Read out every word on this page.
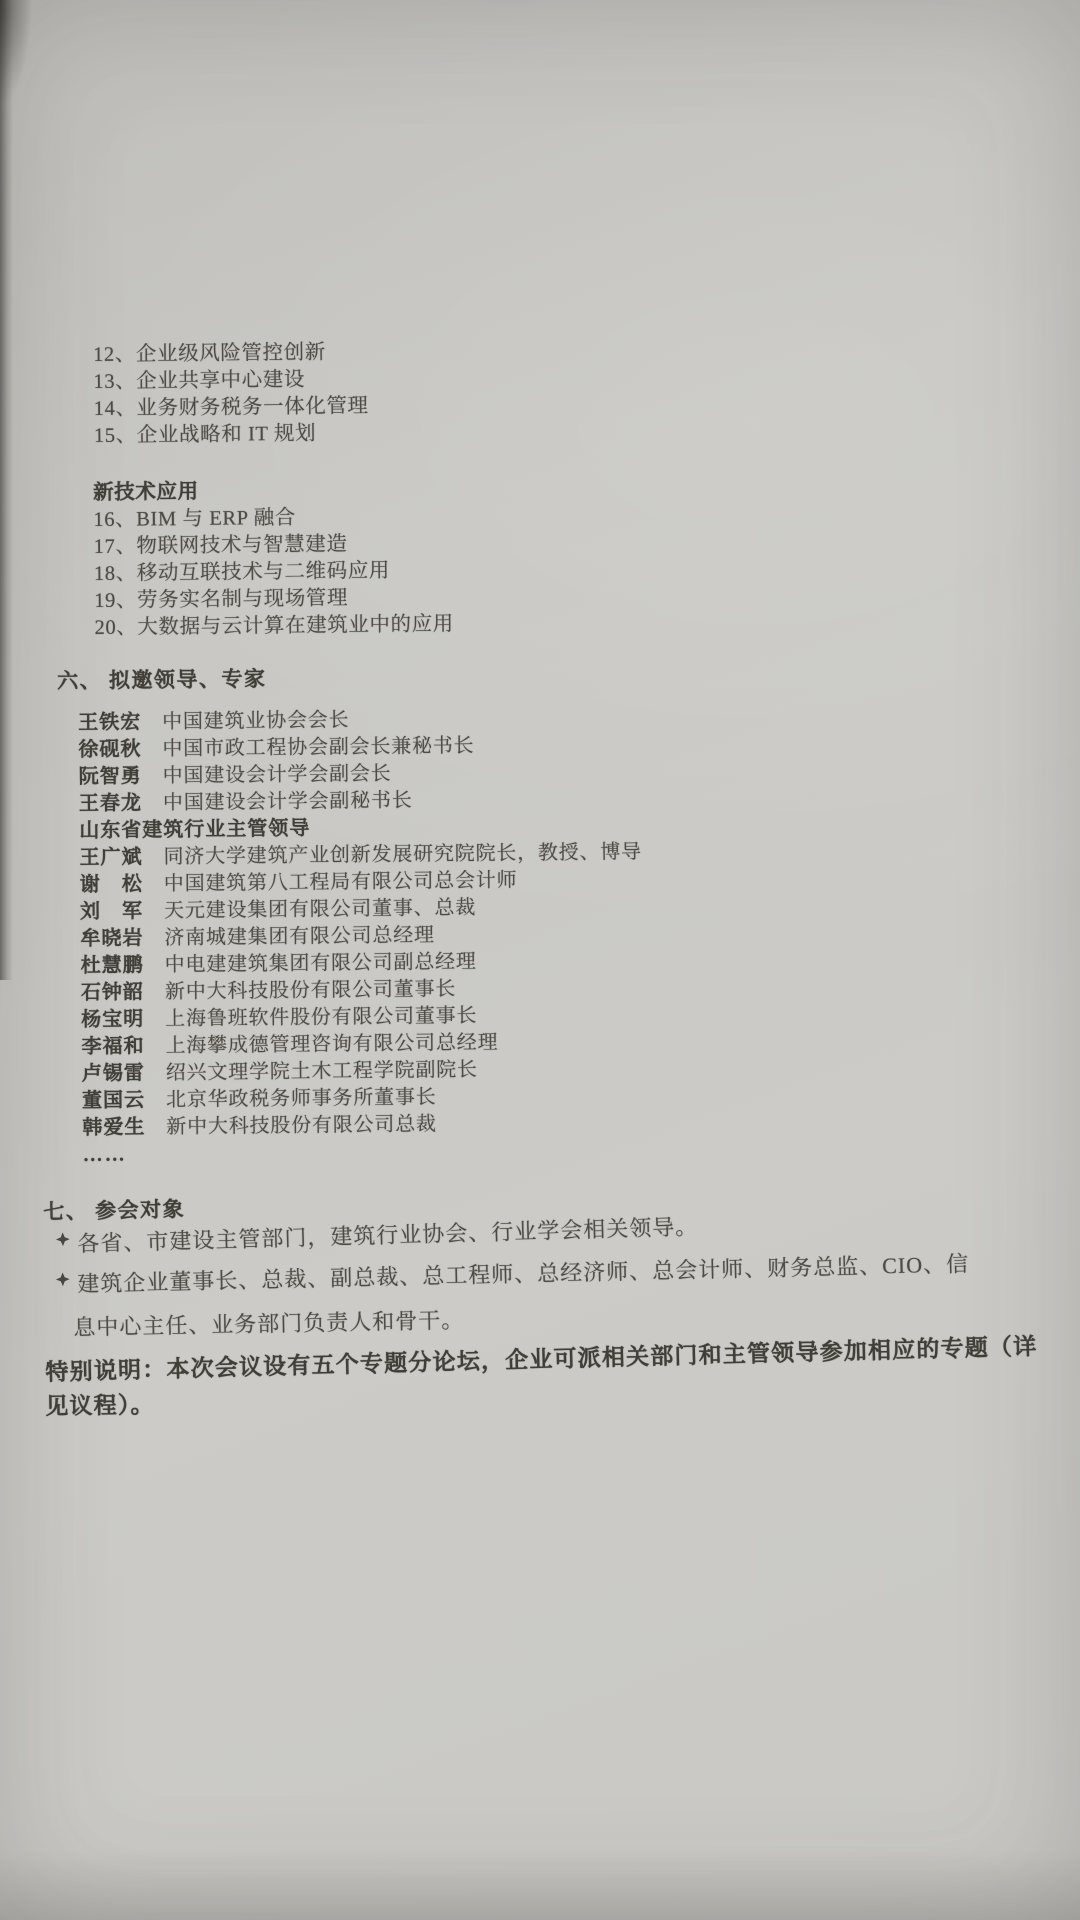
12、企业级风险管控创新
13、企业共享中心建设
14、业务财务税务一体化管理
15、企业战略和 IT 规划
新技术应用
16、BIM 与 ERP 融合
17、物联网技术与智慧建造
18、移动互联技术与二维码应用
19、劳务实名制与现场管理
20、大数据与云计算在建筑业中的应用
六、 拟邀领导、专家
王铁宏 中国建筑业协会会长
徐砚秋 中国市政工程协会副会长兼秘书长
阮智勇 中国建设会计学会副会长
王春龙 中国建设会计学会副秘书长
山东省建筑行业主管领导
王广斌 同济大学建筑产业创新发展研究院院长，教授、博导
谢　松 中国建筑第八工程局有限公司总会计师
刘　军 天元建设集团有限公司董事、总裁
牟晓岩 济南城建集团有限公司总经理
杜慧鹏 中电建建筑集团有限公司副总经理
石钟韶 新中大科技股份有限公司董事长
杨宝明 上海鲁班软件股份有限公司董事长
李福和 上海攀成德管理咨询有限公司总经理
卢锡雷 绍兴文理学院土木工程学院副院长
董国云 北京华政税务师事务所董事长
韩爱生 新中大科技股份有限公司总裁
……
七、 参会对象
各省、市建设主管部门，建筑行业协会、行业学会相关领导。
建筑企业董事长、总裁、副总裁、总工程师、总经济师、总会计师、财务总监、CIO、信
息中心主任、业务部门负责人和骨干。
特别说明：本次会议设有五个专题分论坛，企业可派相关部门和主管领导参加相应的专题（详
见议程）。
